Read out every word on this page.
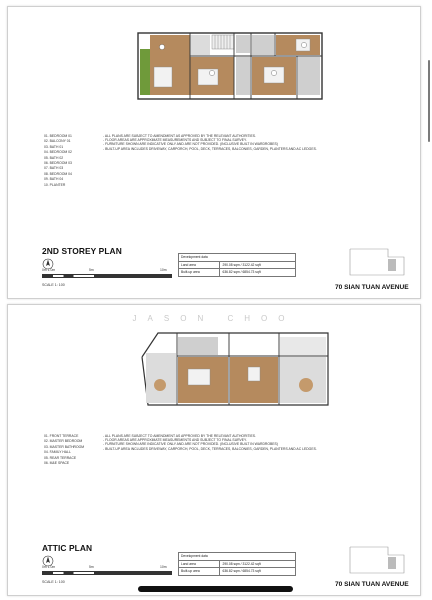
01. BEDROOM 01
02. BALCONY 01
03. BATH 01
04. BEDROOM 02
05. BATH 02
06. BEDROOM 03
07. BATH 03
08. BEDROOM 04
09. BATH 04
10. PLANTER
- ALL PLANS ARE SUBJECT TO AMENDMENT AS APPROVED BY THE RELEVANT AUTHORITIES.
- FLOOR AREAS ARE APPROXIMATE MEASUREMENTS AND SUBJECT TO FINAL SURVEY.
- FURNITURE SHOWN ARE INDICATIVE ONLY AND ARE NOT PROVIDED. (INCLUSIVE BUILT IN WARDROBES)
- BUILT-UP AREA INCLUDES DRIVEWAY, CARPORCH, POOL, DECK, TERRACES, BALCONIES, GARDEN, PLANTERS AND AC LEDGES.
2ND STOREY PLAN
0m 1.0m	5m	10m
SCALE 1: 100
Development data	
Land area	290.08 sqm / 3122.42 sqft
Built-up area	636.82 sqm / 6854.73 sqft
70 SIAN TUAN AVENUE
JASON CHOO
01. FRONT TERRACE
02. MASTER BEDROOM
03. MASTER BATHROOM
04. FAMILY HALL
05. REAR TERRACE
06. M&E SPACE
- ALL PLANS ARE SUBJECT TO AMENDMENT AS APPROVED BY THE RELEVANT AUTHORITIES.
- FLOOR AREAS ARE APPROXIMATE MEASUREMENTS AND SUBJECT TO FINAL SURVEY.
- FURNITURE SHOWN ARE INDICATIVE ONLY AND ARE NOT PROVIDED. (INCLUSIVE BUILT IN WARDROBES)
- BUILT-UP AREA INCLUDES DRIVEWAY, CARPORCH, POOL, DECK, TERRACES, BALCONIES, GARDEN, PLANTERS AND AC LEDGES.
ATTIC PLAN
0m 1.0m	5m	10m
SCALE 1: 100
Development data	
Land area	290.08 sqm / 3122.42 sqft
Built-up area	636.82 sqm / 6854.73 sqft
70 SIAN TUAN AVENUE
